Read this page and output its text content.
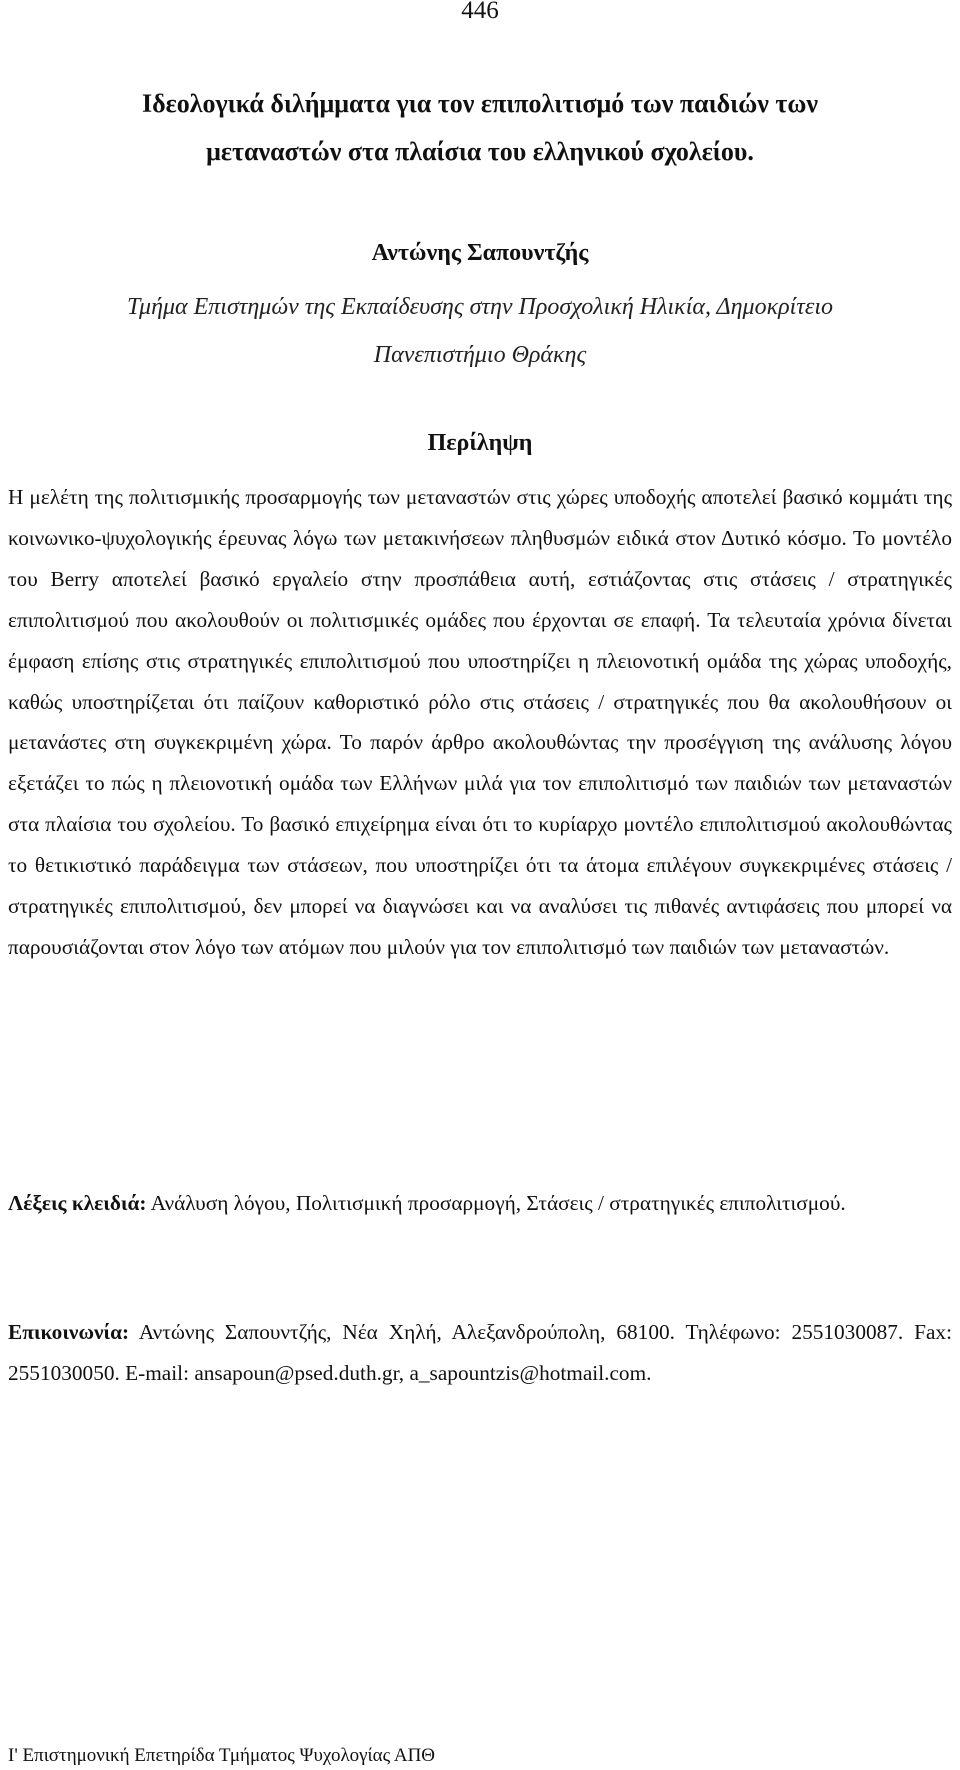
446
Ιδεολογικά διλήμματα για τον επιπολιτισμό των παιδιών των
μεταναστών στα πλαίσια του ελληνικού σχολείου.
Αντώνης Σαπουντζής
Τμήμα Επιστημών της Εκπαίδευσης στην Προσχολική Ηλικία, Δημοκρίτειο
Πανεπιστήμιο Θράκης
Περίληψη

Η μελέτη της πολιτισμικής προσαρμογής των μεταναστών στις χώρες υποδοχής αποτελεί βασικό κομμάτι της κοινωνικο-ψυχολογικής έρευνας λόγω των μετακινήσεων πληθυσμών ειδικά στον Δυτικό κόσμο. Το μοντέλο του Berry αποτελεί βασικό εργαλείο στην προσπάθεια αυτή, εστιάζοντας στις στάσεις / στρατηγικές επιπολιτισμού που ακολουθούν οι πολιτισμικές ομάδες που έρχονται σε επαφή. Τα τελευταία χρόνια δίνεται έμφαση επίσης στις στρατηγικές επιπολιτισμού που υποστηρίζει η πλειονοτική ομάδα της χώρας υποδοχής, καθώς υποστηρίζεται ότι παίζουν καθοριστικό ρόλο στις στάσεις / στρατηγικές που θα ακολουθήσουν οι μετανάστες στη συγκεκριμένη χώρα. Το παρόν άρθρο ακολουθώντας την προσέγγιση της ανάλυσης λόγου εξετάζει το πώς η πλειονοτική ομάδα των Ελλήνων μιλά για τον επιπολιτισμό των παιδιών των μεταναστών στα πλαίσια του σχολείου. Το βασικό επιχείρημα είναι ότι το κυρίαρχο μοντέλο επιπολιτισμού ακολουθώντας το θετικιστικό παράδειγμα των στάσεων, που υποστηρίζει ότι τα άτομα επιλέγουν συγκεκριμένες στάσεις / στρατηγικές επιπολιτισμού, δεν μπορεί να διαγνώσει και να αναλύσει τις πιθανές αντιφάσεις που μπορεί να παρουσιάζονται στον λόγο των ατόμων που μιλούν για τον επιπολιτισμό των παιδιών των μεταναστών.

Λέξεις κλειδιά: Ανάλυση λόγου, Πολιτισμική προσαρμογή, Στάσεις / στρατηγικές επιπολιτισμού.

Επικοινωνία: Αντώνης Σαπουντζής, Νέα Χηλή, Αλεξανδρούπολη, 68100. Τηλέφωνο: 2551030087. Fax: 2551030050. E-mail: ansapoun@psed.duth.gr, a_sapountzis@hotmail.com.

Ι' Επιστημονική Επετηρίδα Τμήματος Ψυχολογίας ΑΠΘ
